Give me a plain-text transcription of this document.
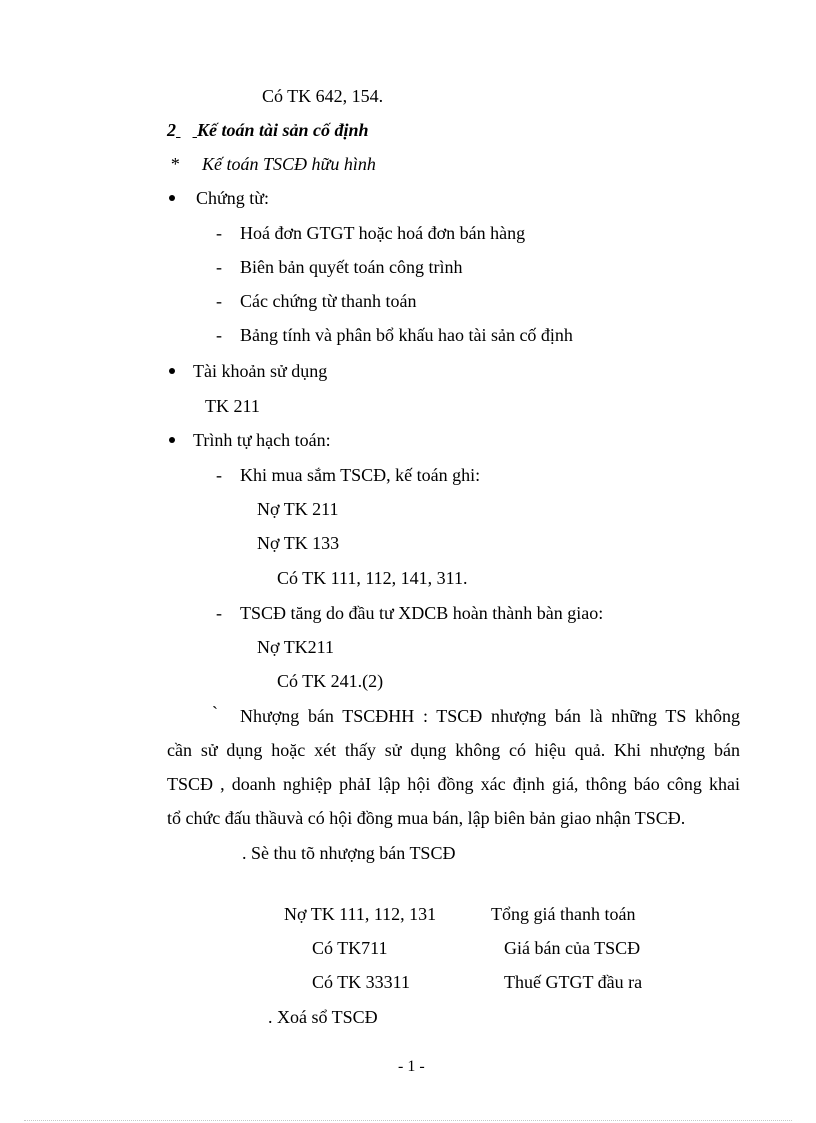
Có TK 642, 154.
2 Kế toán tài sản cố định
* Kế toán TSCĐ hữu hình
Chứng từ:
- Hoá đơn GTGT hoặc hoá đơn bán hàng
- Biên bản quyết toán công trình
- Các chứng từ thanh toán
- Bảng tính và phân bổ khấu hao tài sản cố định
Tài khoản sử dụng
TK 211
Trình tự hạch toán:
- Khi mua sắm TSCĐ, kế toán ghi:
Nợ TK 211
Nợ TK 133
Có TK 111, 112, 141, 311.
- TSCĐ tăng do đầu tư XDCB hoàn thành bàn giao:
Nợ TK211
Có TK 241.(2)
` Nhượng bán TSCĐHH : TSCĐ nhượng bán là những TS không
cần sử dụng hoặc xét thấy sử dụng không có hiệu quả. Khi nhượng bán
TSCĐ , doanh nghiệp phảI lập hội đồng xác định giá, thông báo công khai
tổ chức đấu thầuvà có hội đồng mua bán, lập biên bản giao nhận TSCĐ.
. Sè thu tõ nhượng bán TSCĐ
Nợ TK 111, 112, 131	Tổng giá thanh toán
Có TK711	Giá bán của TSCĐ
Có TK 33311	Thuế GTGT đầu ra
. Xoá sổ TSCĐ
- 1 -
